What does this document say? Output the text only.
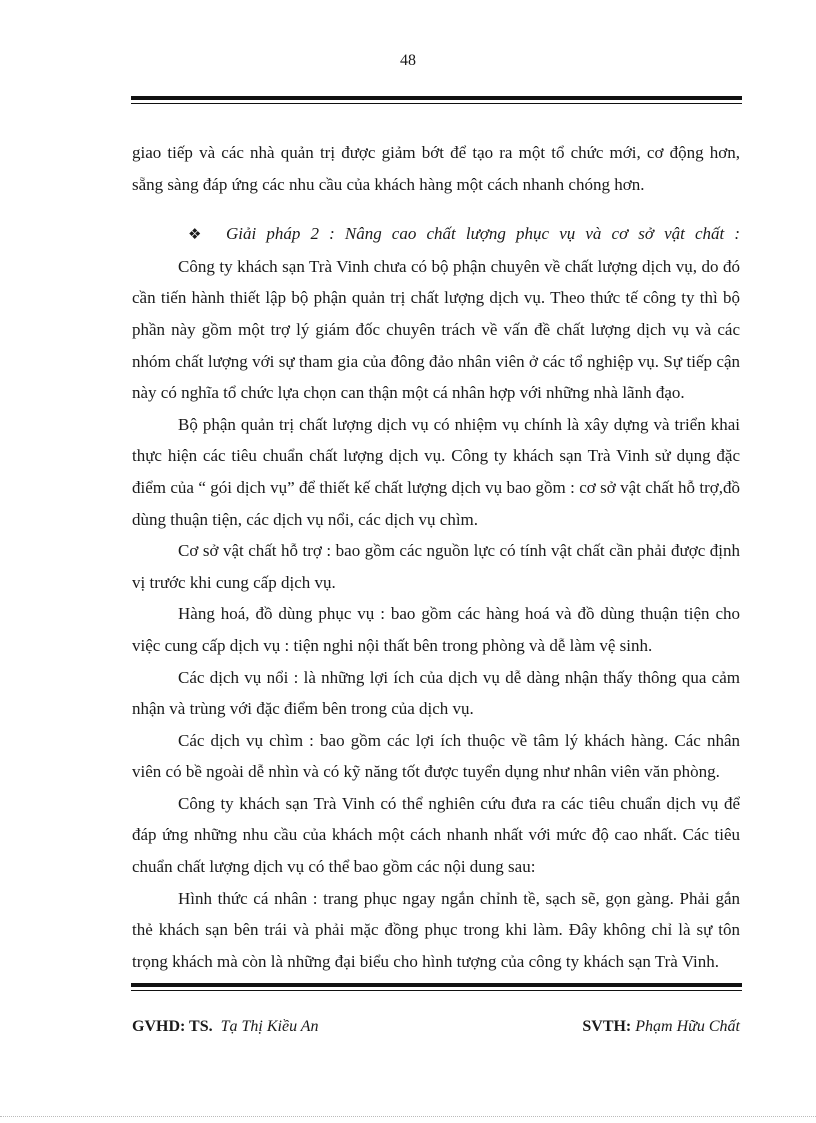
48

giao tiếp và các nhà quản trị được giảm bớt để tạo ra một tổ chức mới, cơ động hơn,

sẵng sàng đáp ứng các nhu cầu của khách hàng một cách nhanh chóng hơn.

❖ Giải pháp 2 : Nâng cao chất lượng phục vụ và cơ sở vật chất :

Công ty khách sạn Trà Vinh chưa có bộ phận chuyên về chất lượng dịch vụ, do đó cần tiến hành thiết lập bộ phận quản trị chất lượng dịch vụ. Theo thức tế công ty thì bộ phần này gồm một trợ lý giám đốc chuyên trách về vấn đề chất lượng dịch vụ và các nhóm chất lượng với sự tham gia của đông đảo nhân viên ở các tổ nghiệp vụ. Sự tiếp cận này có nghĩa tổ chức lựa chọn can thận một cá nhân hợp với những nhà lãnh đạo.

Bộ phận quản trị chất lượng dịch vụ có nhiệm vụ chính là xây dựng và triển khai thực hiện các tiêu chuẩn chất lượng dịch vụ. Công ty khách sạn Trà Vinh sử dụng đặc điểm của “ gói dịch vụ” để thiết kế chất lượng dịch vụ bao gồm : cơ sở vật chất hỗ trợ,đồ dùng thuận tiện, các dịch vụ nổi, các dịch vụ chìm.

Cơ sở vật chất hỗ trợ : bao gồm các nguồn lực có tính vật chất cần phải được định vị trước khi cung cấp dịch vụ.

Hàng hoá, đồ dùng phục vụ : bao gồm các hàng hoá và đồ dùng thuận tiện cho việc cung cấp dịch vụ : tiện nghi nội thất bên trong phòng và dễ làm vệ sinh.

Các dịch vụ nổi : là những lợi ích của dịch vụ dễ dàng nhận thấy thông qua cảm nhận và trùng với đặc điểm bên trong của dịch vụ.

Các dịch vụ chìm : bao gồm các lợi ích thuộc về tâm lý khách hàng. Các nhân viên có bề ngoài dễ nhìn và có kỹ năng tốt được tuyển dụng như nhân viên văn phòng.

Công ty khách sạn Trà Vinh có thể nghiên cứu đưa ra các tiêu chuẩn dịch vụ để đáp ứng những nhu cầu của khách một cách nhanh nhất với mức độ cao nhất. Các tiêu chuẩn chất lượng dịch vụ có thể bao gồm các nội dung sau:

Hình thức cá nhân : trang phục ngay ngắn chỉnh tề, sạch sẽ, gọn gàng. Phải gắn thẻ khách sạn bên trái và phải mặc đồng phục trong khi làm. Đây không chỉ là sự tôn trọng khách mà còn là những đại biểu cho hình tượng của công ty khách sạn Trà Vinh.

GVHD: TS. Tạ Thị Kiều An	SVTH: Phạm Hữu Chất
